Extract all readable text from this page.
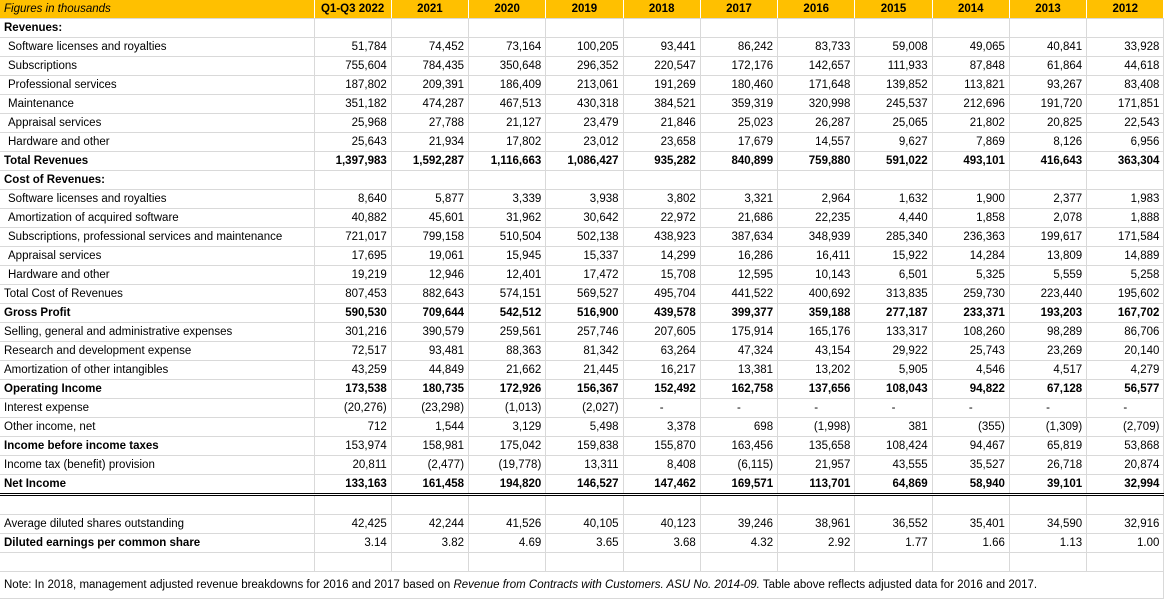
Figures in thousands	Q1-Q3 2022	2021	2020	2019	2018	2017	2016	2015	2014	2013	2012
Revenues:											
Software licenses and royalties	51,784	74,452	73,164	100,205	93,441	86,242	83,733	59,008	49,065	40,841	33,928
Subscriptions	755,604	784,435	350,648	296,352	220,547	172,176	142,657	111,933	87,848	61,864	44,618
Professional services	187,802	209,391	186,409	213,061	191,269	180,460	171,648	139,852	113,821	93,267	83,408
Maintenance	351,182	474,287	467,513	430,318	384,521	359,319	320,998	245,537	212,696	191,720	171,851
Appraisal services	25,968	27,788	21,127	23,479	21,846	25,023	26,287	25,065	21,802	20,825	22,543
Hardware and other	25,643	21,934	17,802	23,012	23,658	17,679	14,557	9,627	7,869	8,126	6,956
Total Revenues	1,397,983	1,592,287	1,116,663	1,086,427	935,282	840,899	759,880	591,022	493,101	416,643	363,304
Cost of Revenues:											
Software licenses and royalties	8,640	5,877	3,339	3,938	3,802	3,321	2,964	1,632	1,900	2,377	1,983
Amortization of acquired software	40,882	45,601	31,962	30,642	22,972	21,686	22,235	4,440	1,858	2,078	1,888
Subscriptions, professional services and maintenance	721,017	799,158	510,504	502,138	438,923	387,634	348,939	285,340	236,363	199,617	171,584
Appraisal services	17,695	19,061	15,945	15,337	14,299	16,286	16,411	15,922	14,284	13,809	14,889
Hardware and other	19,219	12,946	12,401	17,472	15,708	12,595	10,143	6,501	5,325	5,559	5,258
Total Cost of Revenues	807,453	882,643	574,151	569,527	495,704	441,522	400,692	313,835	259,730	223,440	195,602
Gross Profit	590,530	709,644	542,512	516,900	439,578	399,377	359,188	277,187	233,371	193,203	167,702
Selling, general and administrative expenses	301,216	390,579	259,561	257,746	207,605	175,914	165,176	133,317	108,260	98,289	86,706
Research and development expense	72,517	93,481	88,363	81,342	63,264	47,324	43,154	29,922	25,743	23,269	20,140
Amortization of other intangibles	43,259	44,849	21,662	21,445	16,217	13,381	13,202	5,905	4,546	4,517	4,279
Operating Income	173,538	180,735	172,926	156,367	152,492	162,758	137,656	108,043	94,822	67,128	56,577
Interest expense	(20,276)	(23,298)	(1,013)	(2,027)	-	-	-	-	-	-	-
Other income, net	712	1,544	3,129	5,498	3,378	698	(1,998)	381	(355)	(1,309)	(2,709)
Income before income taxes	153,974	158,981	175,042	159,838	155,870	163,456	135,658	108,424	94,467	65,819	53,868
Income tax (benefit) provision	20,811	(2,477)	(19,778)	13,311	8,408	(6,115)	21,957	43,555	35,527	26,718	20,874
Net Income	133,163	161,458	194,820	146,527	147,462	169,571	113,701	64,869	58,940	39,101	32,994

Average diluted shares outstanding	42,425	42,244	41,526	40,105	40,123	39,246	38,961	36,552	35,401	34,590	32,916
Diluted earnings per common share	3.14	3.82	4.69	3.65	3.68	4.32	2.92	1.77	1.66	1.13	1.00

Note: In 2018, management adjusted revenue breakdowns for 2016 and 2017 based on Revenue from Contracts with Customers. ASU No. 2014-09. Table above reflects adjusted data for 2016 and 2017.											
